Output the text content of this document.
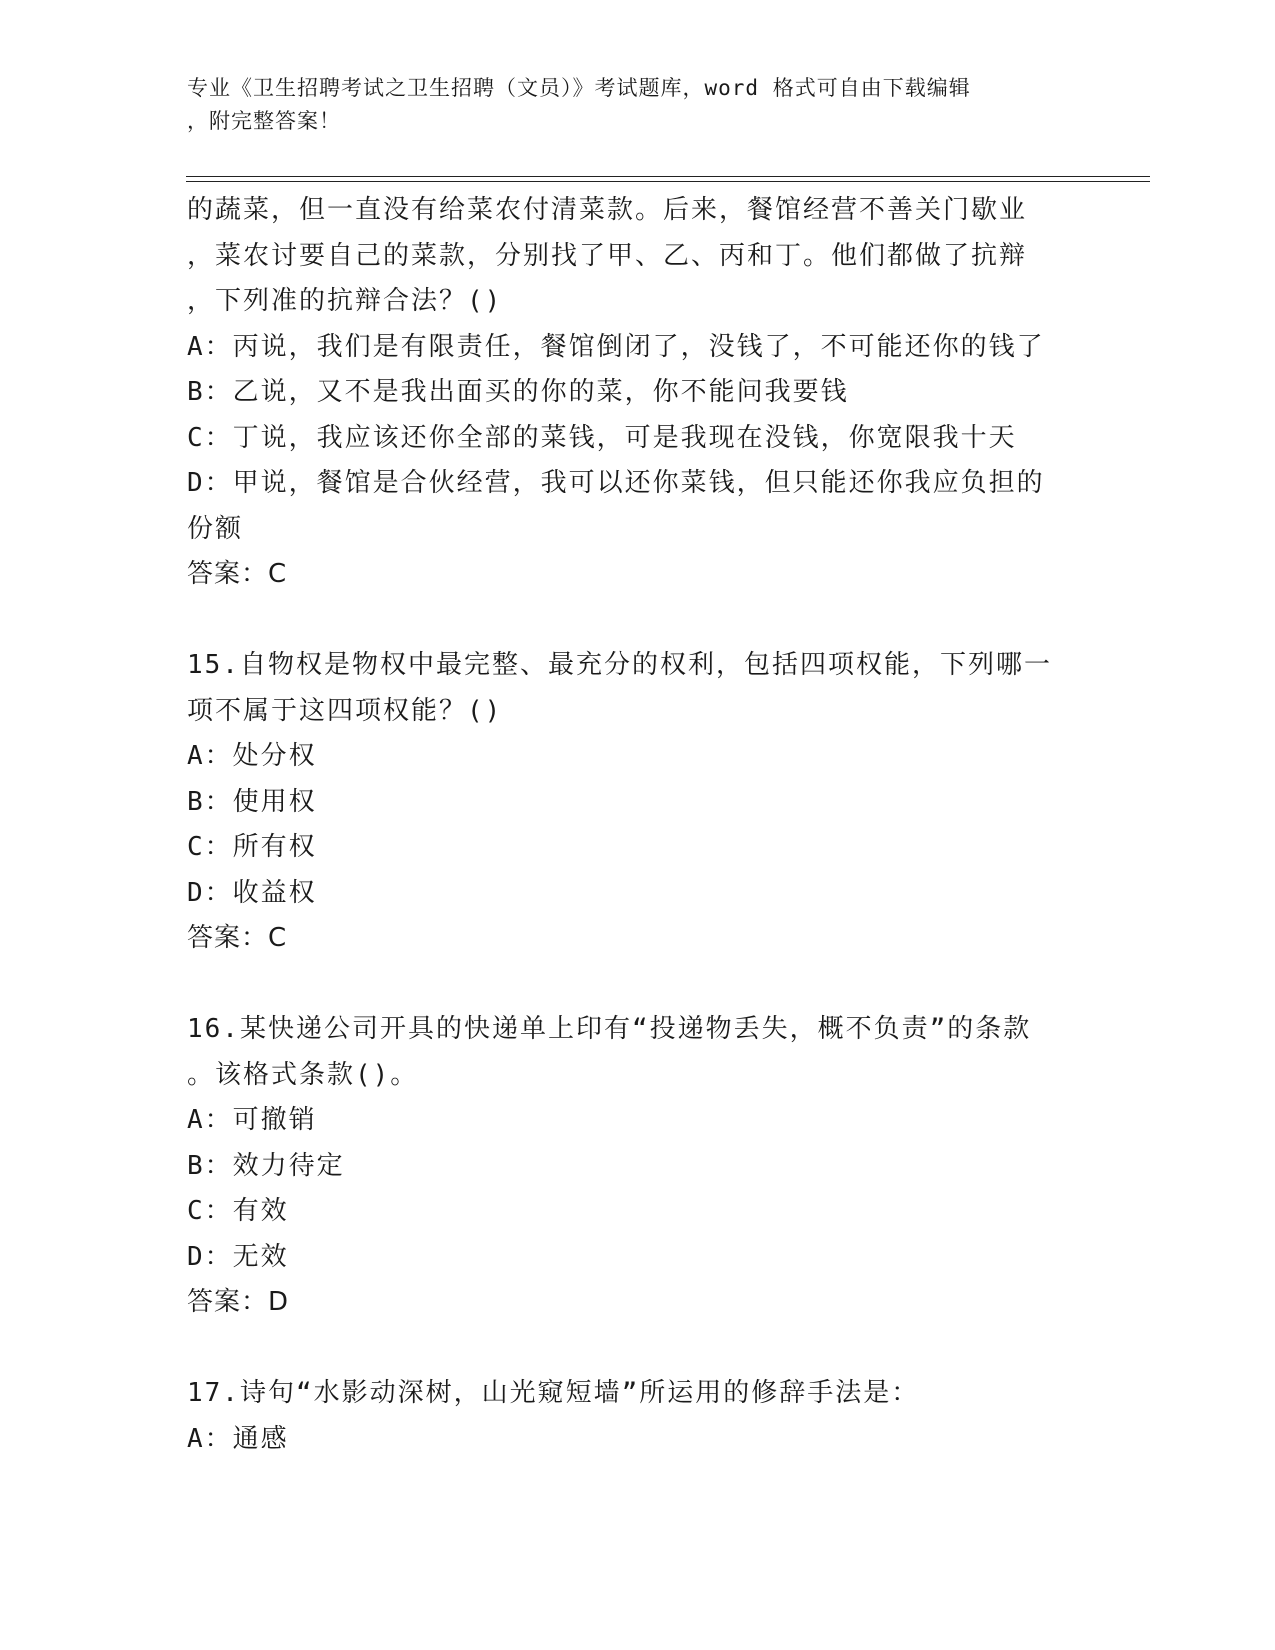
专业《卫生招聘考试之卫生招聘（文员）》考试题库，word 格式可自由下载编辑
，附完整答案！
的蔬菜，但一直没有给菜农付清菜款。后来，餐馆经营不善关门歇业
，菜农讨要自己的菜款，分别找了甲、乙、丙和丁。他们都做了抗辩
，下列准的抗辩合法？()
A：丙说，我们是有限责任，餐馆倒闭了，没钱了，不可能还你的钱了
B：乙说，又不是我出面买的你的菜，你不能问我要钱
C：丁说，我应该还你全部的菜钱，可是我现在没钱，你宽限我十天
D：甲说，餐馆是合伙经营，我可以还你菜钱，但只能还你我应负担的
份额
答案：C
15.自物权是物权中最完整、最充分的权利，包括四项权能，下列哪一
项不属于这四项权能？()
A：处分权
B：使用权
C：所有权
D：收益权
答案：C
16.某快递公司开具的快递单上印有“投递物丢失，概不负责”的条款
。该格式条款()。
A：可撤销
B：效力待定
C：有效
D：无效
答案：D
17.诗句“水影动深树，山光窥短墙”所运用的修辞手法是：
A：通感
